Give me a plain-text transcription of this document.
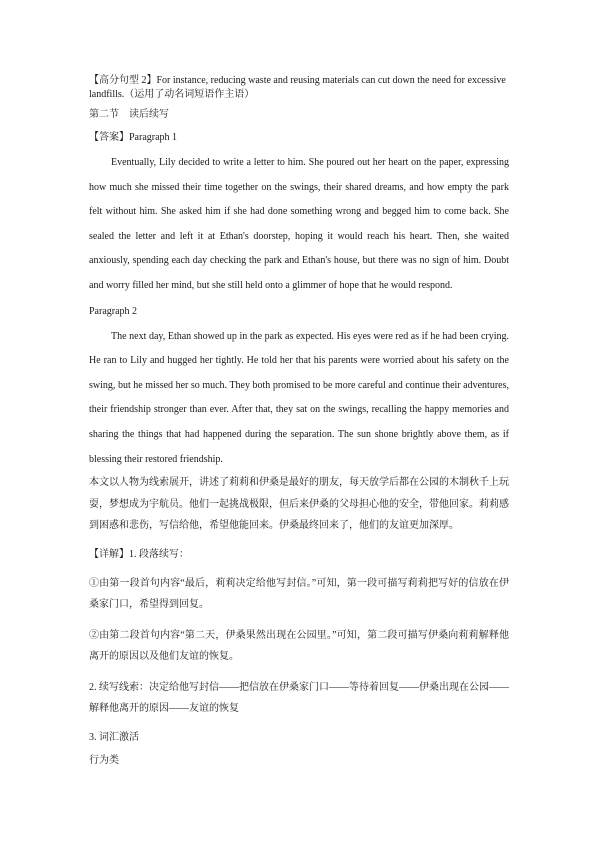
【高分句型 2】For instance, reducing waste and reusing materials can cut down the need for excessive landfills.（运用了动名词短语作主语）

第二节　读后续写

【答案】Paragraph 1

Eventually, Lily decided to write a letter to him. She poured out her heart on the paper, expressing how much she missed their time together on the swings, their shared dreams, and how empty the park felt without him. She asked him if she had done something wrong and begged him to come back. She sealed the letter and left it at Ethan's doorstep, hoping it would reach his heart. Then, she waited anxiously, spending each day checking the park and Ethan's house, but there was no sign of him. Doubt and worry filled her mind, but she still held onto a glimmer of hope that he would respond.

Paragraph 2

The next day, Ethan showed up in the park as expected. His eyes were red as if he had been crying. He ran to Lily and hugged her tightly. He told her that his parents were worried about his safety on the swing, but he missed her so much. They both promised to be more careful and continue their adventures, their friendship stronger than ever. After that, they sat on the swings, recalling the happy memories and sharing the things that had happened during the separation. The sun shone brightly above them, as if blessing their restored friendship.

本文以人物为线索展开，讲述了莉莉和伊桑是最好的朋友，每天放学后都在公园的木制秋千上玩耍，梦想成为宇航员。他们一起挑战极限，但后来伊桑的父母担心他的安全，带他回家。莉莉感到困惑和悲伤，写信给他，希望他能回来。伊桑最终回来了，他们的友谊更加深厚。

【详解】1. 段落续写：

①由第一段首句内容“最后，莉莉决定给他写封信。”可知，第一段可描写莉莉把写好的信放在伊桑家门口，希望得到回复。

②由第二段首句内容“第二天，伊桑果然出现在公园里。”可知，第二段可描写伊桑向莉莉解释他离开的原因以及他们友谊的恢复。

2. 续写线索：决定给他写封信——把信放在伊桑家门口——等待着回复——伊桑出现在公园——解释他离开的原因——友谊的恢复

3. 词汇激活

行为类
